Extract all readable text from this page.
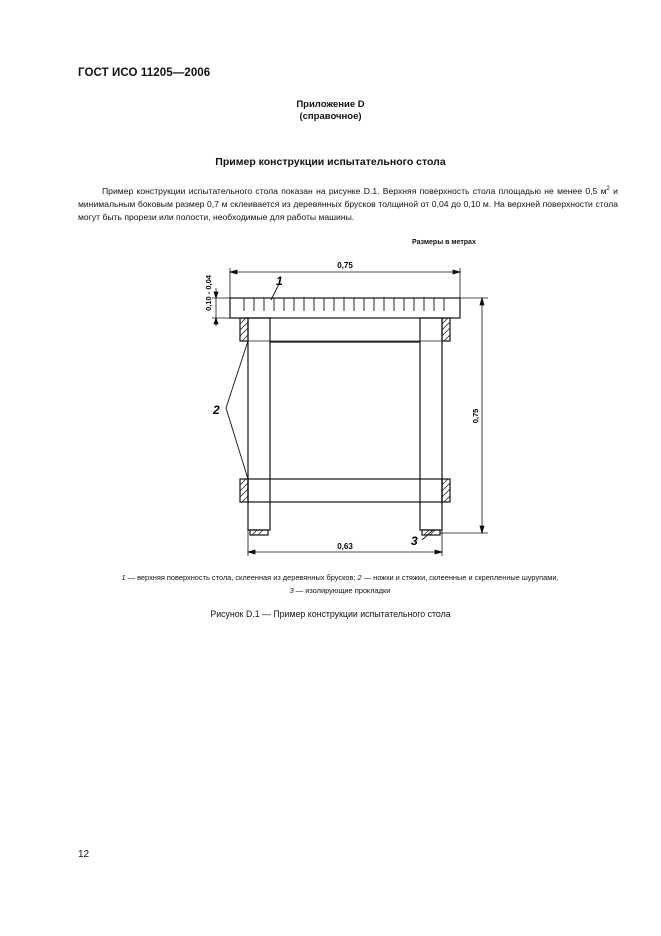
ГОСТ ИСО 11205—2006
Приложение D
(справочное)
Пример конструкции испытательного стола
Пример конструкции испытательного стола показан на рисунке D.1. Верхняя поверхность стола площадью не менее 0,5 $м^2$ и минимальным боковым размер 0,7 м склеивается из деревянных брусков толщиной от 0,04 до 0,10 м. На верхней поверхности стола могут быть прорези или полости, необходимые для работы машины.
Размеры в метрах
0,75
0,10 - 0,04
0,75
0,63
1
2
3
1 — верхняя поверхность стола, склеенная из деревянных брусков; 2 — ножки и стяжки, склеенные и скрепленные шурупами,
3 — изолирующие прокладки
Рисунок D.1 — Пример конструкции испытательного стола
12
